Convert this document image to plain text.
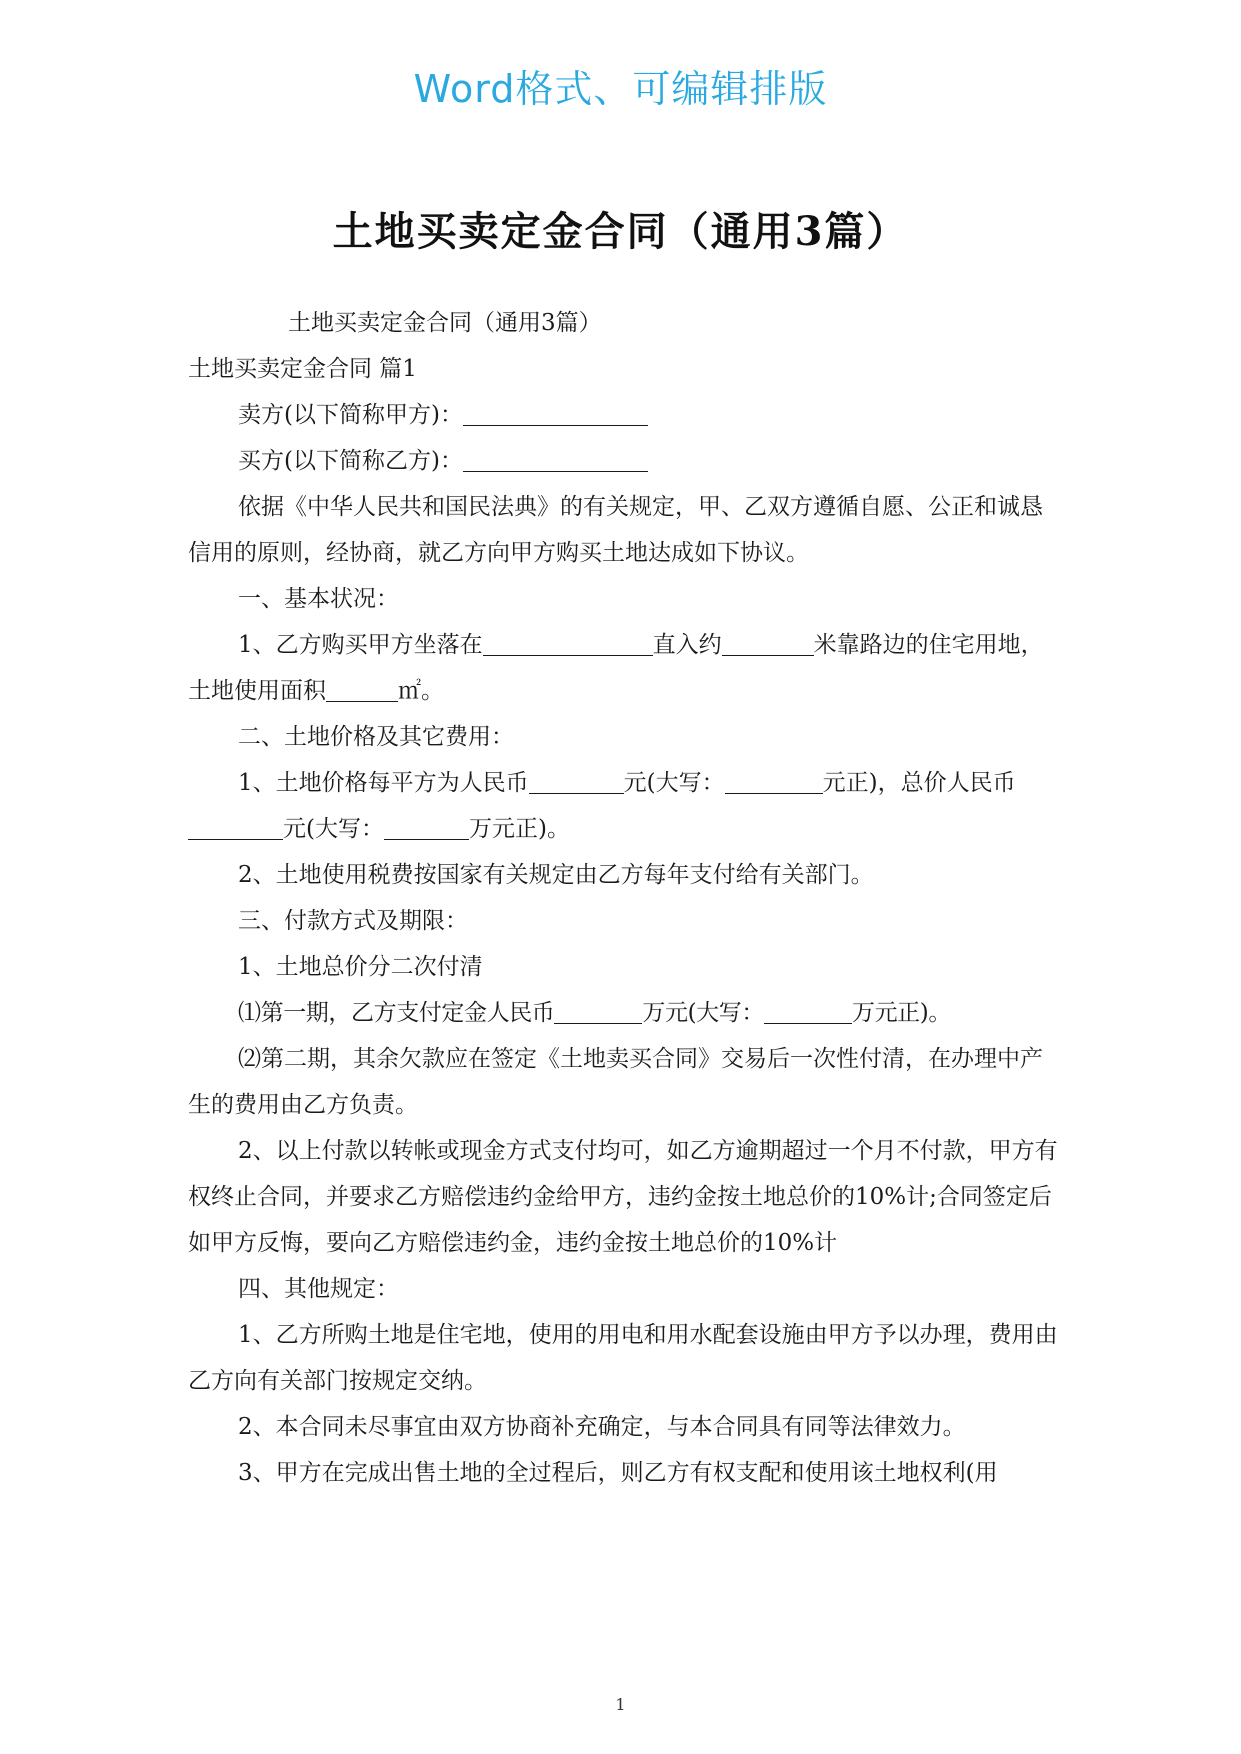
Word格式、可编辑排版
土地买卖定金合同（通用3篇）

土地买卖定金合同（通用3篇）

土地买卖定金合同 篇1

卖方(以下简称甲方)：

买方(以下简称乙方)：

依据《中华人民共和国民法典》的有关规定，甲、乙双方遵循自愿、公正和诚恳信用的原则，经协商，就乙方向甲方购买土地达成如下协议。

一、基本状况：

1、乙方购买甲方坐落在	直入约	米靠路边的住宅用地，土地使用面积	㎡。

二、土地价格及其它费用：

1、土地价格每平方为人民币	元(大写：	元正)，总价人民币元(大写：	万元正)。

2、土地使用税费按国家有关规定由乙方每年支付给有关部门。

三、付款方式及期限：

1、土地总价分二次付清

⑴第一期，乙方支付定金人民币	万元(大写：	万元正)。

⑵第二期，其余欠款应在签定《土地卖买合同》交易后一次性付清，在办理中产生的费用由乙方负责。

2、以上付款以转帐或现金方式支付均可，如乙方逾期超过一个月不付款，甲方有权终止合同，并要求乙方赔偿违约金给甲方，违约金按土地总价的10%计;合同签定后如甲方反悔，要向乙方赔偿违约金，违约金按土地总价的10%计

四、其他规定：

1、乙方所购土地是住宅地，使用的用电和用水配套设施由甲方予以办理，费用由乙方向有关部门按规定交纳。

2、本合同未尽事宜由双方协商补充确定，与本合同具有同等法律效力。

3、甲方在完成出售土地的全过程后，则乙方有权支配和使用该土地权利(用

1
